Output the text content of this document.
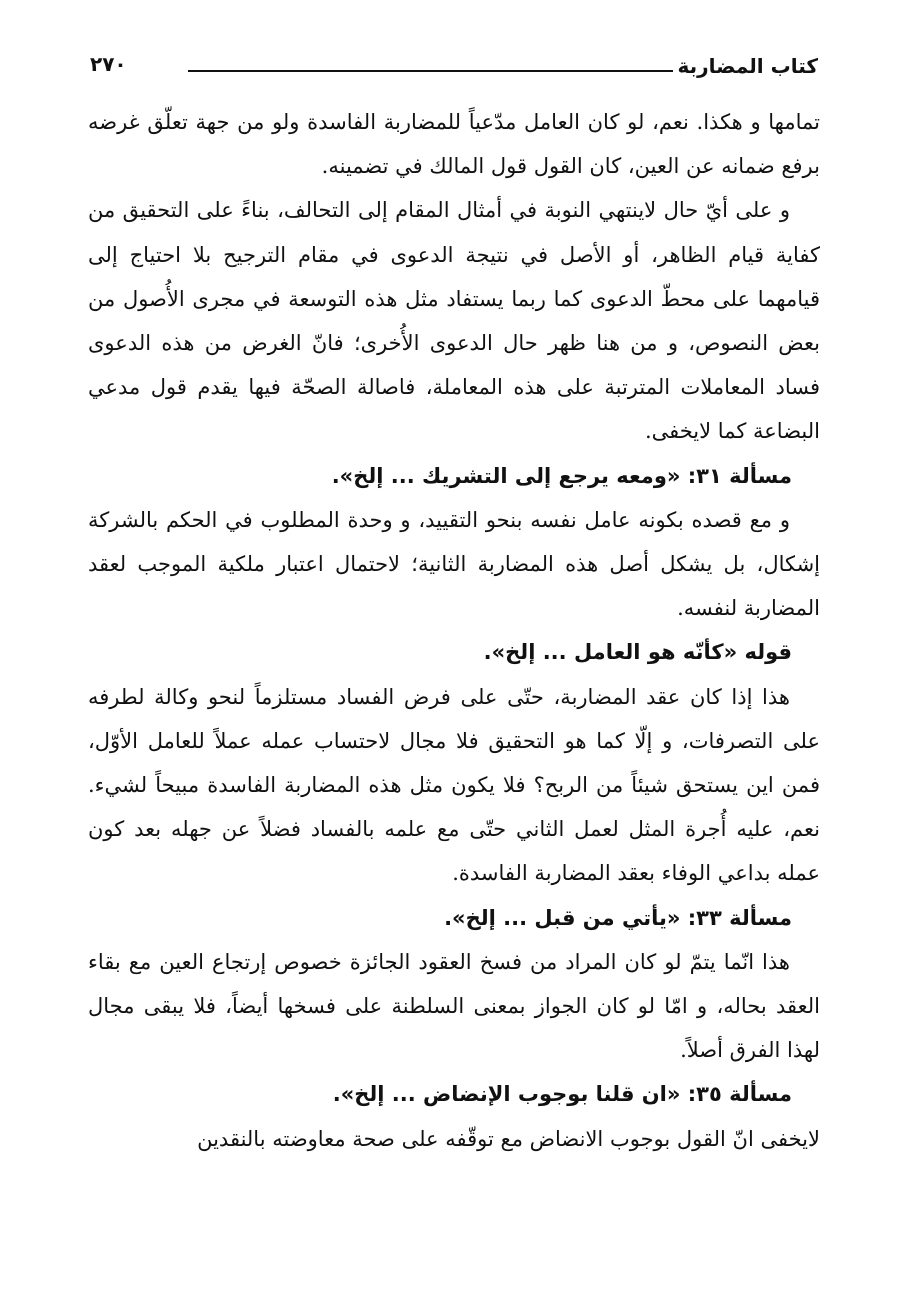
كتاب المضاربة
٢٧٠

تمامها و هكذا. نعم، لو كان العامل مدّعياً للمضاربة الفاسدة ولو من جهة تعلّق غرضه برفع ضمانه عن العين، كان القول قول المالك في تضمينه.

و على أيّ حال لاينتهي النوبة في أمثال المقام إلى التحالف، بناءً على التحقيق من كفاية قيام الظاهر، أو الأصل في نتيجة الدعوى في مقام الترجيح بلا احتياج إلى قيامهما على محطّ الدعوى كما ربما يستفاد مثل هذه التوسعة في مجرى الأُصول من بعض النصوص، و من هنا ظهر حال الدعوى الأُخرى؛ فانّ الغرض من هذه الدعوى فساد المعاملات المترتبة على هذه المعاملة، فاصالة الصحّة فيها يقدم قول مدعي البضاعة كما لايخفى.

مسألة ٣١: «ومعه يرجع إلى التشريك ... إلخ».

و مع قصده بكونه عامل نفسه بنحو التقييد، و وحدة المطلوب في الحكم بالشركة إشكال، بل يشكل أصل هذه المضاربة الثانية؛ لاحتمال اعتبار ملكية الموجب لعقد المضاربة لنفسه.

قوله «كأنّه هو العامل ... إلخ».

هذا إذا كان عقد المضاربة، حتّى على فرض الفساد مستلزماً لنحو وكالة لطرفه على التصرفات، و إلّا كما هو التحقيق فلا مجال لاحتساب عمله عملاً للعامل الأوّل، فمن اين يستحق شيئاً من الربح؟ فلا يكون مثل هذه المضاربة الفاسدة مبيحاً لشيء. نعم، عليه أُجرة المثل لعمل الثاني حتّى مع علمه بالفساد فضلاً عن جهله بعد كون عمله بداعي الوفاء بعقد المضاربة الفاسدة.

مسألة ٣٣: «يأتي من قبل ... إلخ».

هذا انّما يتمّ لو كان المراد من فسخ العقود الجائزة خصوص إرتجاع العين مع بقاء العقد بحاله، و امّا لو كان الجواز بمعنى السلطنة على فسخها أيضاً، فلا يبقى مجال لهذا الفرق أصلاً.

مسألة ٣٥: «ان قلنا بوجوب الإنضاض ... إلخ».

لايخفى انّ القول بوجوب الانضاض مع توقّفه على صحة معاوضته بالنقدين
